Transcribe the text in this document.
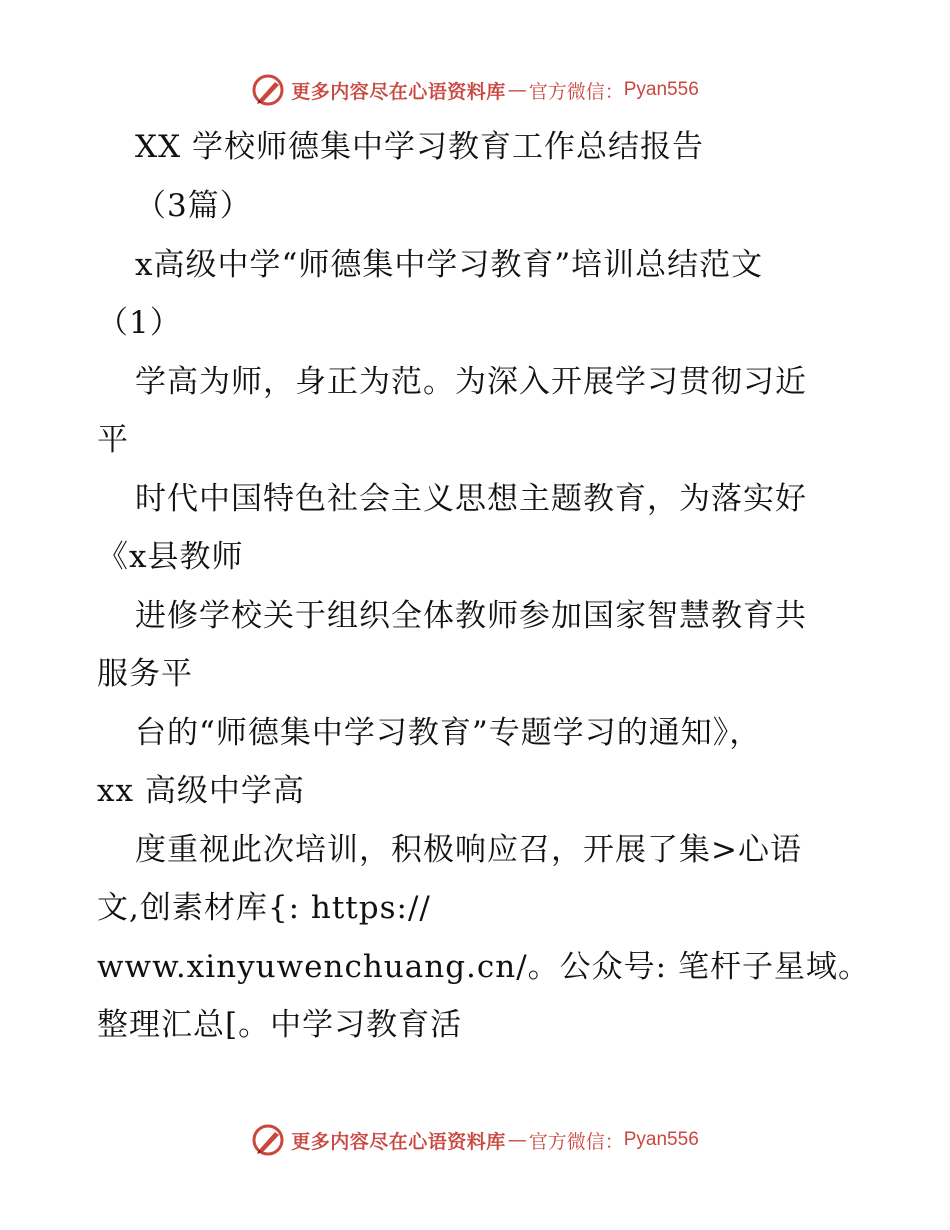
更多内容尽在心语资料库 — 官方微信： Pyan556
XX 学校师德集中学习教育工作总结报告
（3篇）
x高级中学“师德集中学习教育”培训总结范文
（1）
学高为师，身正为范。为深入开展学习贯彻习近
平
时代中国特色社会主义思想主题教育，为落实好
《x县教师
进修学校关于组织全体教师参加国家智慧教育共
服务平
台的“师德集中学习教育”专题学习的通知》，
xx 高级中学高
度重视此次培训，积极响应召，开展了集>心语
文,创素材库{: https://
www.xinyuwenchuang.cn/。公众号: 笔杆子星域。
整理汇总[。中学习教育活
更多内容尽在心语资料库 — 官方微信： Pyan556
